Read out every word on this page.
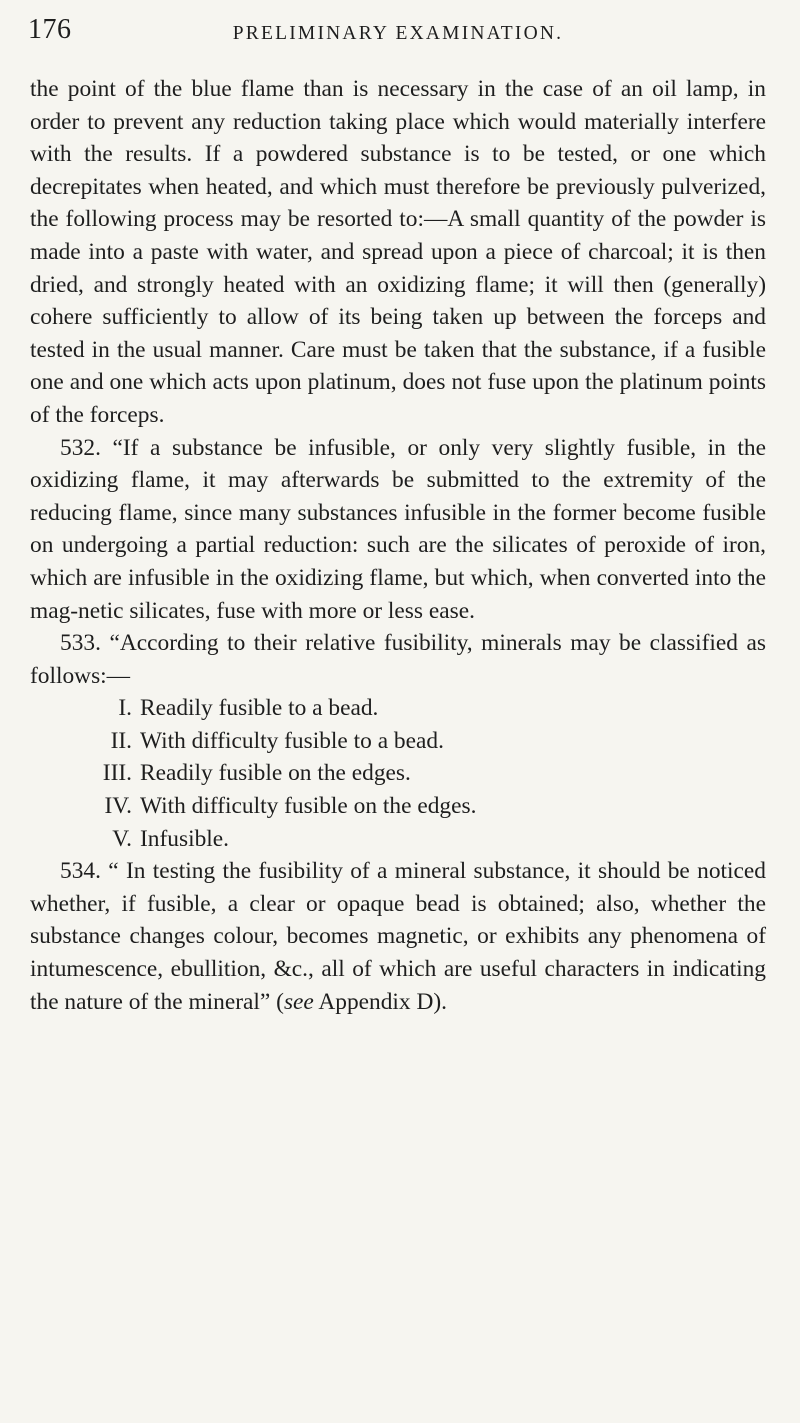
176	PRELIMINARY EXAMINATION.

the point of the blue flame than is necessary in the case of an oil lamp, in order to prevent any reduction taking place which would materially interfere with the results. If a powdered substance is to be tested, or one which decrepitates when heated, and which must therefore be previously pulverized, the following process may be resorted to:—A small quantity of the powder is made into a paste with water, and spread upon a piece of charcoal; it is then dried, and strongly heated with an oxidizing flame; it will then (generally) cohere sufficiently to allow of its being taken up between the forceps and tested in the usual manner. Care must be taken that the substance, if a fusible one and one which acts upon platinum, does not fuse upon the platinum points of the forceps.

532. “If a substance be infusible, or only very slightly fusible, in the oxidizing flame, it may afterwards be submitted to the extremity of the reducing flame, since many substances infusible in the former become fusible on undergoing a partial reduction: such are the silicates of peroxide of iron, which are infusible in the oxidizing flame, but which, when converted into the mag-netic silicates, fuse with more or less ease.

533. “According to their relative fusibility, minerals may be classified as follows:—

I. Readily fusible to a bead.
II. With difficulty fusible to a bead.
III. Readily fusible on the edges.
IV. With difficulty fusible on the edges.
V. Infusible.

534. “ In testing the fusibility of a mineral substance, it should be noticed whether, if fusible, a clear or opaque bead is obtained; also, whether the substance changes colour, becomes magnetic, or exhibits any phenomena of intumescence, ebullition, &c., all of which are useful characters in indicating the nature of the mineral” (see Appendix D).
